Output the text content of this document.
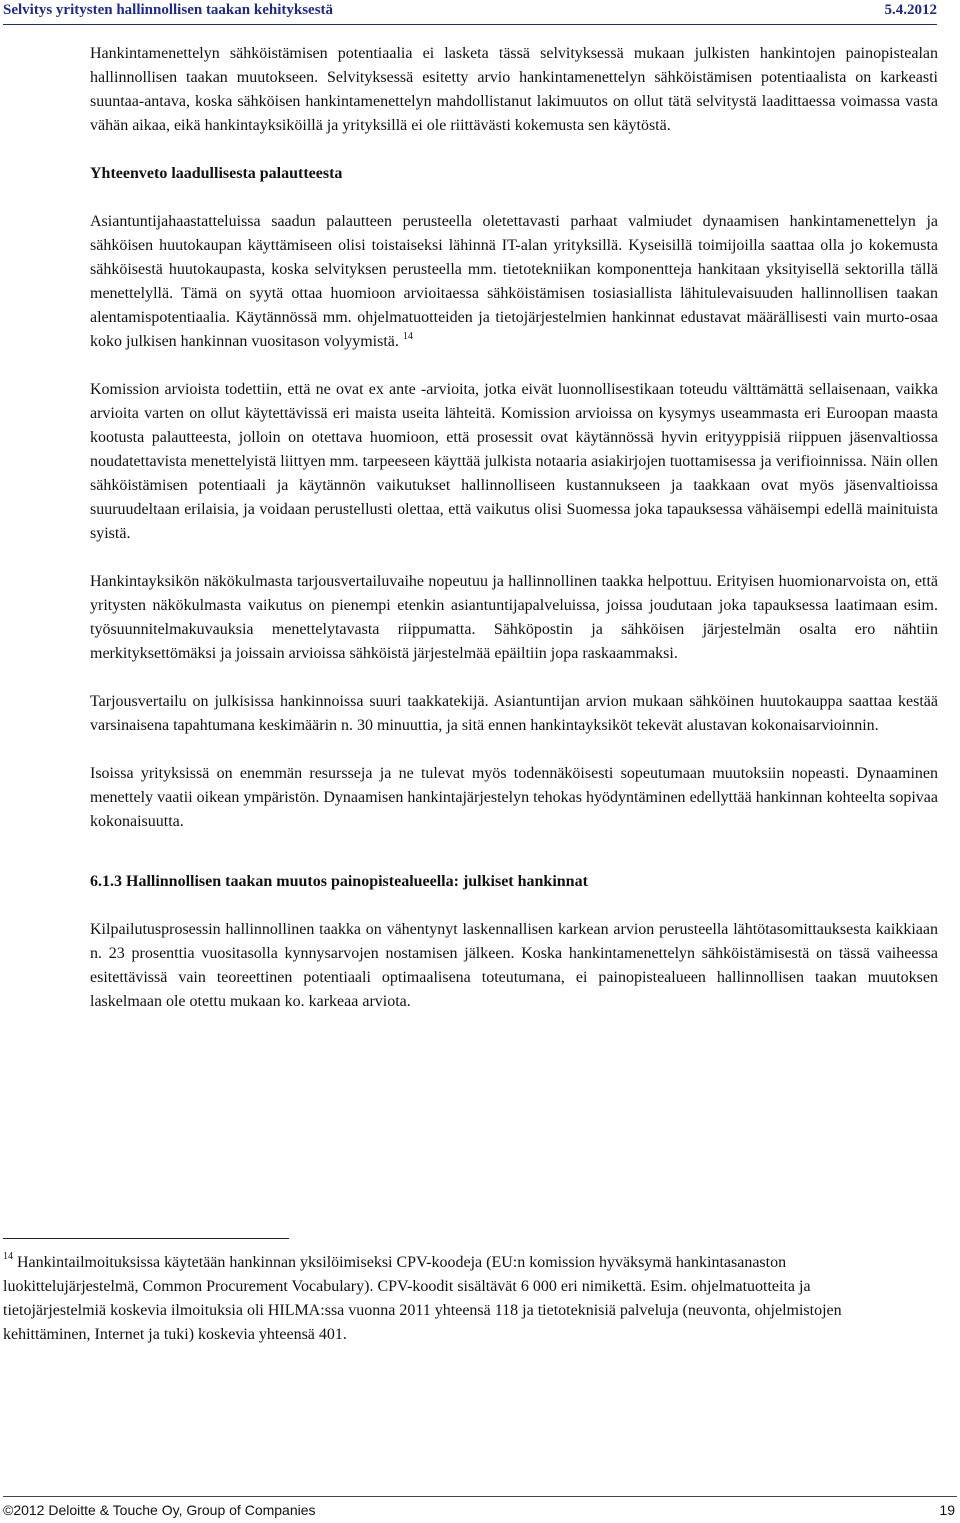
Selvitys yritysten hallinnollisen taakan kehityksestä	5.4.2012

Hankintamenettelyn sähköistämisen potentiaalia ei lasketa tässä selvityksessä mukaan julkisten hankintojen painopistealan hallinnollisen taakan muutokseen. Selvityksessä esitetty arvio hankintamenettelyn sähköistämisen potentiaalista on karkeasti suuntaa-antava, koska sähköisen hankintamenettelyn mahdollistanut lakimuutos on ollut tätä selvitystä laadittaessa voimassa vasta vähän aikaa, eikä hankintayksiköillä ja yrityksillä ei ole riittävästi kokemusta sen käytöstä.

Yhteenveto laadullisesta palautteesta

Asiantuntijahaastatteluissa saadun palautteen perusteella oletettavasti parhaat valmiudet dynaamisen hankintamenettelyn ja sähköisen huutokaupan käyttämiseen olisi toistaiseksi lähinnä IT-alan yrityksillä. Kyseisillä toimijoilla saattaa olla jo kokemusta sähköisestä huutokaupasta, koska selvityksen perusteella mm. tietotekniikan komponentteja hankitaan yksityisellä sektorilla tällä menettelyllä. Tämä on syytä ottaa huomioon arvioitaessa sähköistämisen tosiasiallista lähitulevaisuuden hallinnollisen taakan alentamispotentiaalia. Käytännössä mm. ohjelmatuotteiden ja tietojärjestelmien hankinnat edustavat määrällisesti vain murto-osaa koko julkisen hankinnan vuositason volyymistä. $^{14}$

Komission arvioista todettiin, että ne ovat ex ante -arvioita, jotka eivät luonnollisestikaan toteudu välttämättä sellaisenaan, vaikka arvioita varten on ollut käytettävissä eri maista useita lähteitä. Komission arvioissa on kysymys useammasta eri Euroopan maasta kootusta palautteesta, jolloin on otettava huomioon, että prosessit ovat käytännössä hyvin erityyppisiä riippuen jäsenvaltiossa noudatettavista menettelyistä liittyen mm. tarpeeseen käyttää julkista notaaria asiakirjojen tuottamisessa ja verifioinnissa. Näin ollen sähköistämisen potentiaali ja käytännön vaikutukset hallinnolliseen kustannukseen ja taakkaan ovat myös jäsenvaltioissa suuruudeltaan erilaisia, ja voidaan perustellusti olettaa, että vaikutus olisi Suomessa joka tapauksessa vähäisempi edellä mainituista syistä.

Hankintayksikön näkökulmasta tarjousvertailuvaihe nopeutuu ja hallinnollinen taakka helpottuu. Erityisen huomionarvoista on, että yritysten näkökulmasta vaikutus on pienempi etenkin asiantuntijapalveluissa, joissa joudutaan joka tapauksessa laatimaan esim. työsuunnitelmakuvauksia menettelytavasta riippumatta. Sähköpostin ja sähköisen järjestelmän osalta ero nähtiin merkityksettömäksi ja joissain arvioissa sähköistä järjestelmää epäiltiin jopa raskaammaksi.

Tarjousvertailu on julkisissa hankinnoissa suuri taakkatekijä. Asiantuntijan arvion mukaan sähköinen huutokauppa saattaa kestää varsinaisena tapahtumana keskimäärin n. 30 minuuttia, ja sitä ennen hankintayksiköt tekevät alustavan kokonaisarvioinnin.

Isoissa yrityksissä on enemmän resursseja ja ne tulevat myös todennäköisesti sopeutumaan muutoksiin nopeasti. Dynaaminen menettely vaatii oikean ympäristön. Dynaamisen hankintajärjestelyn tehokas hyödyntäminen edellyttää hankinnan kohteelta sopivaa kokonaisuutta.

6.1.3 Hallinnollisen taakan muutos painopistealueella: julkiset hankinnat

Kilpailutusprosessin hallinnollinen taakka on vähentynyt laskennallisen karkean arvion perusteella lähtötasomittauksesta kaikkiaan n. 23 prosenttia vuositasolla kynnysarvojen nostamisen jälkeen. Koska hankintamenettelyn sähköistämisestä on tässä vaiheessa esitettävissä vain teoreettinen potentiaali optimaalisena toteutumana, ei painopistealueen hallinnollisen taakan muutoksen laskelmaan ole otettu mukaan ko. karkeaa arviota.

$^{14}$ Hankintailmoituksissa käytetään hankinnan yksilöimiseksi CPV-koodeja (EU:n komission hyväksymä hankintasanaston luokittelujärjestelmä, Common Procurement Vocabulary). CPV-koodit sisältävät 6 000 eri nimikettä. Esim. ohjelmatuotteita ja tietojärjestelmiä koskevia ilmoituksia oli HILMA:ssa vuonna 2011 yhteensä 118 ja tietoteknisiä palveluja (neuvonta, ohjelmistojen kehittäminen, Internet ja tuki) koskevia yhteensä 401.

©2012 Deloitte & Touche Oy, Group of Companies	19
